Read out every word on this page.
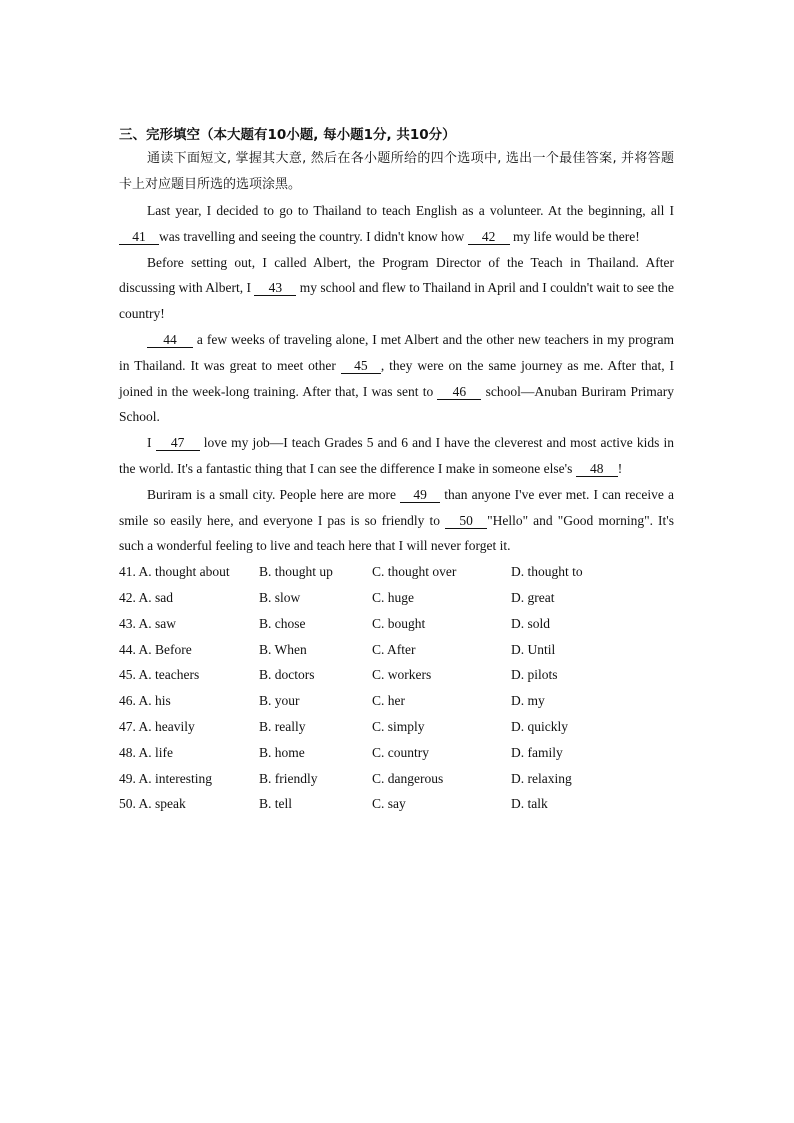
三、完形填空（本大题有10小题, 每小题1分, 共10分）

通读下面短文, 掌握其大意, 然后在各小题所给的四个选项中, 选出一个最佳答案, 并将答题卡上对应题目所选的选项涂黑。

Last year, I decided to go to Thailand to teach English as a volunteer. At the beginning, all I 41 was travelling and seeing the country. I didn't know how 42 my life would be there!

Before setting out, I called Albert, the Program Director of the Teach in Thailand. After discussing with Albert, I 43 my school and flew to Thailand in April and I couldn't wait to see the country!

44 a few weeks of traveling alone, I met Albert and the other new teachers in my program in Thailand. It was great to meet other 45 , they were on the same journey as me. After that, I joined in the week-long training. After that, I was sent to 46 school—Anuban Buriram Primary School.

I 47 love my job—I teach Grades 5 and 6 and I have the cleverest and most active kids in the world. It's a fantastic thing that I can see the difference I make in someone else's 48 !

Buriram is a small city. People here are more 49 than anyone I've ever met. I can receive a smile so easily here, and everyone I pas is so friendly to 50 "Hello" and "Good morning". It's such a wonderful feeling to live and teach here that I will never forget it.

41. A. thought about	B. thought up	C. thought over	D. thought to
42. A. sad	B. slow	C. huge	D. great
43. A. saw	B. chose	C. bought	D. sold
44. A. Before	B. When	C. After	D. Until
45. A. teachers	B. doctors	C. workers	D. pilots
46. A. his	B. your	C. her	D. my
47. A. heavily	B. really	C. simply	D. quickly
48. A. life	B. home	C. country	D. family
49. A. interesting	B. friendly	C. dangerous	D. relaxing
50. A. speak	B. tell	C. say	D. talk
